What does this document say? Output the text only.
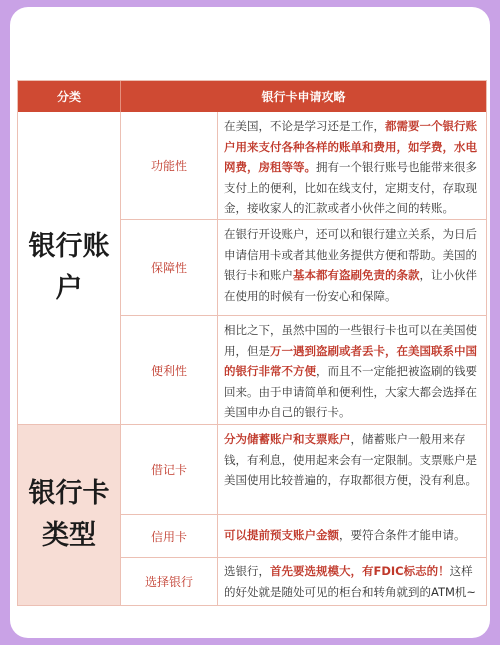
分类	银行卡申请攻略
银行账
户
银行卡
类型
功能性
在美国，不论是学习还是工作，都需要一个银行账户用来支付各种各样的账单和费用，如学费，水电网费，房租等等。拥有一个银行账号也能带来很多支付上的便利，比如在线支付，定期支付，存取现金，接收家人的汇款或者小伙伴之间的转账。
保障性
在银行开设账户，还可以和银行建立关系，为日后申请信用卡或者其他业务提供方便和帮助。美国的银行卡和账户基本都有盗刷免责的条款，让小伙伴在使用的时候有一份安心和保障。
便利性
相比之下，虽然中国的一些银行卡也可以在美国使用，但是万一遇到盗刷或者丢卡，在美国联系中国的银行非常不方便，而且不一定能把被盗刷的钱要回来。由于申请简单和便利性，大家大都会选择在美国申办自己的银行卡。
借记卡
分为储蓄账户和支票账户，储蓄账户一般用来存钱，有利息，使用起来会有一定限制。支票账户是美国使用比较普遍的，存取都很方便，没有利息。
信用卡	可以提前预支账户金额，要符合条件才能申请。
选择银行
选银行，首先要选规模大，有FDIC标志的！这样的好处就是随处可见的柜台和转角就到的ATM机~
